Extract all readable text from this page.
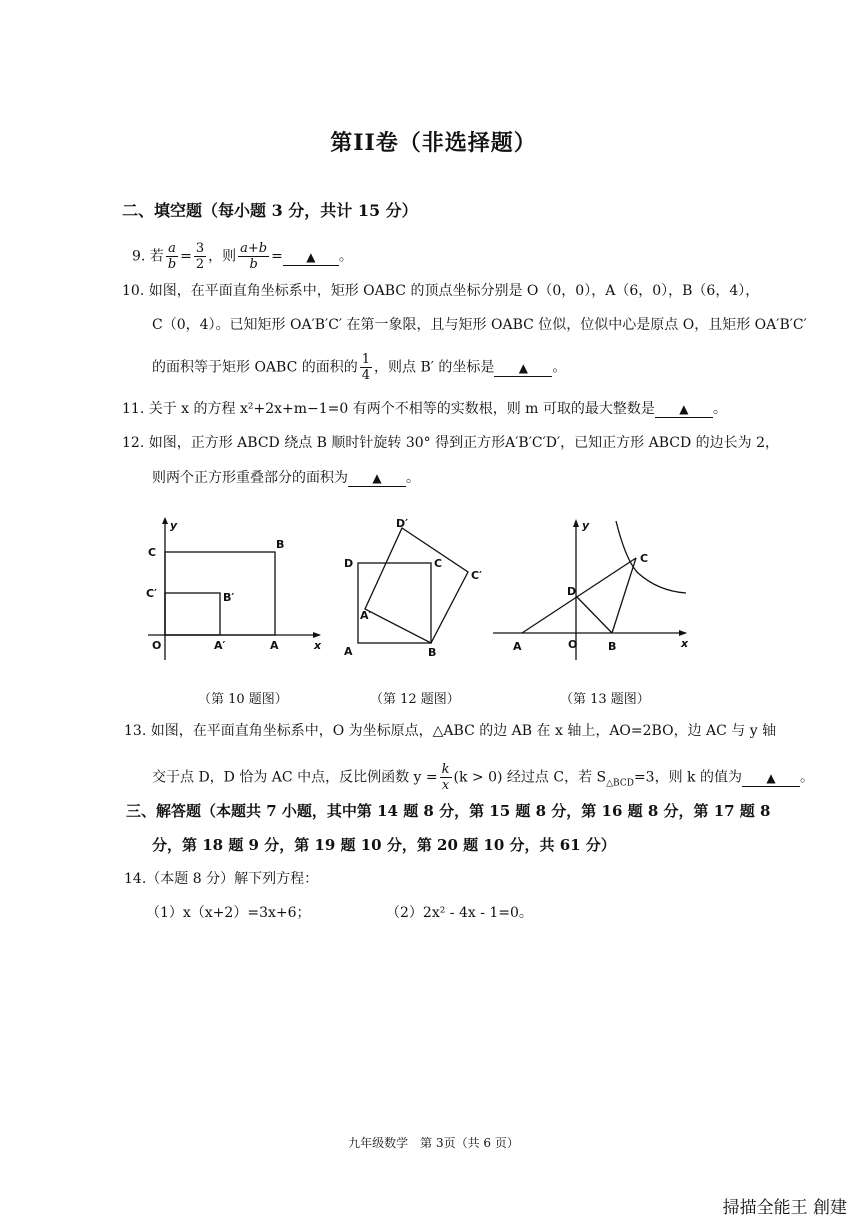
第II卷（非选择题）
二、填空题（每小题 3 分，共计 15 分）
9. 若 $\frac{a}{b} = \frac{3}{2}$ ，则 $\frac{a+b}{b}$ = ▲ 。
10. 如图，在平面直角坐标系中，矩形 OABC 的顶点坐标分别是 O（0，0），A（6，0），B（6，4），
C（0，4）。已知矩形 OA′B′C′ 在第一象限，且与矩形 OABC 位似，位似中心是原点 O，且矩形 OA′B′C′
的面积等于矩形 OABC 的面积的 $\frac{1}{4}$ ，则点 B′ 的坐标是 ▲ 。
11. 关于 x 的方程 x²+2x+m−1=0 有两个不相等的实数根，则 m 可取的最大整数是 ▲ 。
12. 如图，正方形 ABCD 绕点 B 顺时针旋转 30° 得到正方形A′B′C′D′，已知正方形 ABCD 的边长为 2，
则两个正方形重叠部分的面积为 ▲ 。
y
C
B
C′	B′
O	A′	A	x
D′
D	C
C′
A′
A	B
y
C
D
A	O	B	x
（第 10 题图）	（第 12 题图）	（第 13 题图）
13. 如图，在平面直角坐标系中，O 为坐标原点，△ABC 的边 AB 在 x 轴上，AO=2BO，边 AC 与 y 轴
交于点 D，D 恰为 AC 中点，反比例函数 $y = \frac{k}{x} (k > 0)$ 经过点 C，若 $S_{\triangle BCD}=3$，则 k 的值为 ▲ 。
三、解答题（本题共 7 小题，其中第 14 题 8 分，第 15 题 8 分，第 16 题 8 分，第 17 题 8
分，第 18 题 9 分，第 19 题 10 分，第 20 题 10 分，共 61 分）
14.（本题 8 分）解下列方程：
（1）x（x+2）=3x+6；	（2）2x² - 4x - 1=0。
九年级数学　第 3页（共 6 页）
掃描全能王 創建
